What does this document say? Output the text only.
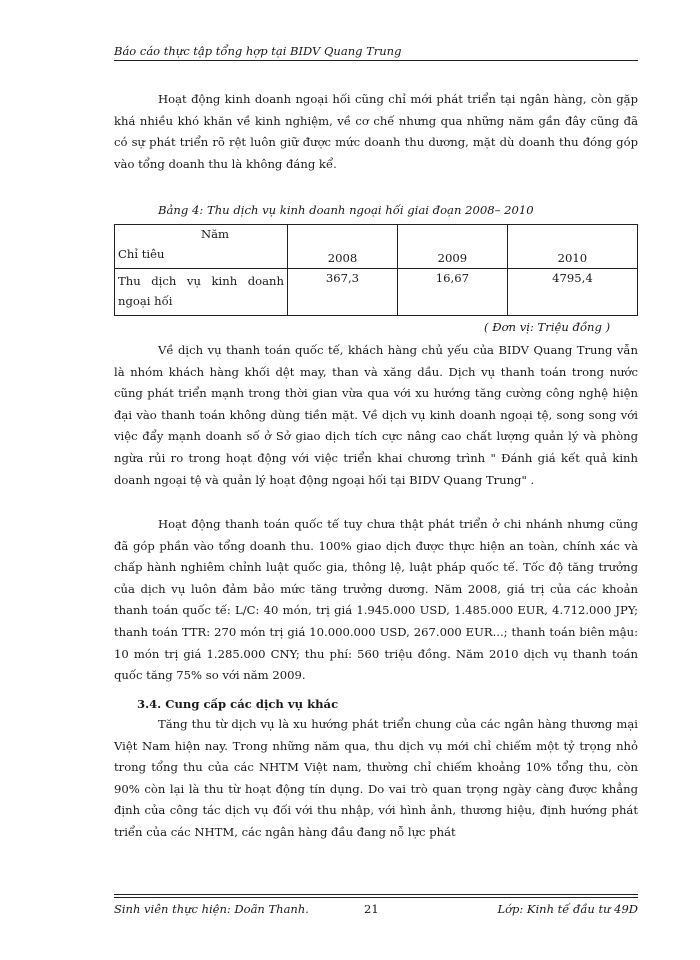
Báo cáo thực tập tổng hợp tại BIDV Quang Trung

Hoạt động kinh doanh ngoại hối cũng chỉ mới phát triển tại ngân hàng, còn gặp khá nhiều khó khăn về kinh nghiệm, về cơ chế nhưng qua những năm gần đây cũng đã có sự phát triển rõ rệt luôn giữ được mức doanh thu dương, mặt dù doanh thu đóng góp vào tổng doanh thu là không đáng kể.

Bảng 4: Thu dịch vụ kinh doanh ngoại hối giai đoạn 2008– 2010
Năm
Chỉ tiêu	2008	2009	2010
Thu dịch vụ kinh doanh ngoại hối	367,3	16,67	4795,4
( Đơn vị: Triệu đồng )

Về dịch vụ thanh toán quốc tế, khách hàng chủ yếu của BIDV Quang Trung vẫn là nhóm khách hàng khối dệt may, than và xăng dầu. Dịch vụ thanh toán trong nước cũng phát triển mạnh trong thời gian vừa qua với xu hướng tăng cường công nghệ hiện đại vào thanh toán không dùng tiền mặt. Về dịch vụ kinh doanh ngoại tệ, song song với việc đẩy mạnh doanh số ở Sở giao dịch tích cực nâng cao chất lượng quản lý và phòng ngừa rủi ro trong hoạt động với việc triển khai chương trình " Đánh giá kết quả kinh doanh ngoại tệ và quản lý hoạt động ngoại hối tại BIDV Quang Trung" .

Hoạt động thanh toán quốc tế tuy chưa thật phát triển ở chi nhánh nhưng cũng đã góp phần vào tổng doanh thu. 100% giao dịch được thực hiện an toàn, chính xác và chấp hành nghiêm chỉnh luật quốc gia, thông lệ, luật pháp quốc tế. Tốc độ tăng trưởng của dịch vụ luôn đảm bảo mức tăng trưởng dương. Năm 2008, giá trị của các khoản thanh toán quốc tế: L/C: 40 món, trị giá 1.945.000 USD, 1.485.000 EUR, 4.712.000 JPY; thanh toán TTR: 270 món trị giá 10.000.000 USD, 267.000 EUR...; thanh toán biên mậu: 10 món trị giá 1.285.000 CNY; thu phí: 560 triệu đồng. Năm 2010 dịch vụ thanh toán quốc tăng 75% so với năm 2009.

3.4. Cung cấp các dịch vụ khác

Tăng thu từ dịch vụ là xu hướng phát triển chung của các ngân hàng thương mại Việt Nam hiện nay. Trong những năm qua, thu dịch vụ mới chỉ chiếm một tỷ trọng nhỏ trong tổng thu của các NHTM Việt nam, thường chỉ chiếm khoảng 10% tổng thu, còn 90% còn lại là thu từ hoạt động tín dụng. Do vai trò quan trọng ngày càng được khẳng định của công tác dịch vụ đối với thu nhập, với hình ảnh, thương hiệu, định hướng phát triển của các NHTM, các ngân hàng đầu đang nỗ lực phát

Sinh viên thực hiện: Doãn Thanh.	21	Lớp: Kinh tế đầu tư 49D
